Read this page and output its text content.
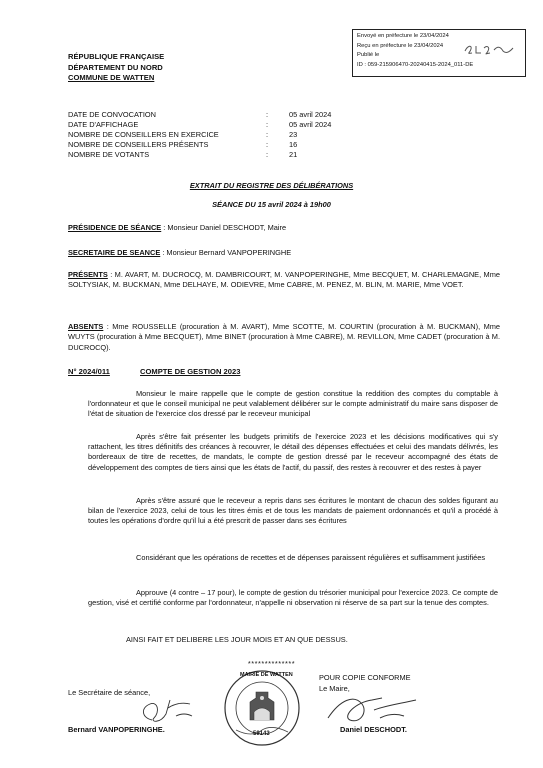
Envoyé en préfecture le 23/04/2024
Reçu en préfecture le 23/04/2024
Publié le
ID : 059-215906470-20240415-2024_011-DE
RÉPUBLIQUE FRANÇAISE
DÉPARTEMENT DU NORD
COMMUNE DE WATTEN
DATE DE CONVOCATION	:	05 avril 2024
DATE D'AFFICHAGE	:	05 avril 2024
NOMBRE DE CONSEILLERS EN EXERCICE	:	23
NOMBRE DE CONSEILLERS PRÉSENTS	:	16
NOMBRE DE VOTANTS	:	21
EXTRAIT DU REGISTRE DES DÉLIBÉRATIONS
SÉANCE DU 15 avril 2024 à 19h00
PRÉSIDENCE DE SÉANCE : Monsieur Daniel DESCHODT, Maire
SECRETAIRE DE SEANCE : Monsieur Bernard VANPOPERINGHE
PRÉSENTS : M. AVART, M. DUCROCQ, M. DAMBRICOURT, M. VANPOPERINGHE, Mme BECQUET, M. CHARLEMAGNE, Mme SOLTYSIAK, M. BUCKMAN, Mme DELHAYE, M. ODIEVRE, Mme CABRE, M. PENEZ, M. BLIN, M. MARIE, Mme VOET.
ABSENTS : Mme ROUSSELLE (procuration à M. AVART), Mme SCOTTE, M. COURTIN (procuration à M. BUCKMAN), Mme WUYTS (procuration à Mme BECQUET), Mme BINET (procuration à Mme CABRE), M. REVILLON, Mme CADET (procuration à M. DUCROCQ).
N° 2024/011	COMPTE DE GESTION 2023
Monsieur le maire rappelle que le compte de gestion constitue la reddition des comptes du comptable à l'ordonnateur et que le conseil municipal ne peut valablement délibérer sur le compte administratif du maire sans disposer de l'état de situation de l'exercice clos dressé par le receveur municipal
Après s'être fait présenter les budgets primitifs de l'exercice 2023 et les décisions modificatives qui s'y rattachent, les titres définitifs des créances à recouvrer, le détail des dépenses effectuées et celui des mandats délivrés, les bordereaux de titre de recettes, de mandats, le compte de gestion dressé par le receveur accompagné des états de développement des comptes de tiers ainsi que les états de l'actif, du passif, des restes à recouvrer et des restes à payer
Après s'être assuré que le receveur a repris dans ses écritures le montant de chacun des soldes figurant au bilan de l'exercice 2023, celui de tous les titres émis et de tous les mandats de paiement ordonnancés et qu'il a procédé à toutes les opérations d'ordre qu'il lui a été prescrit de passer dans ses écritures
Considérant que les opérations de recettes et de dépenses paraissent régulières et suffisamment justifiées
Approuve (4 contre – 17 pour), le compte de gestion du trésorier municipal pour l'exercice 2023. Ce compte de gestion, visé et certifié conforme par l'ordonnateur, n'appelle ni observation ni réserve de sa part sur la tenue des comptes.
AINSI FAIT ET DELIBERE LES JOUR MOIS ET AN QUE DESSUS.
**************
Le Secrétaire de séance,
Bernard VANPOPERINGHE.
MAIRIE DE WATTEN
59143
POUR COPIE CONFORME
Le Maire,
Daniel DESCHODT.
